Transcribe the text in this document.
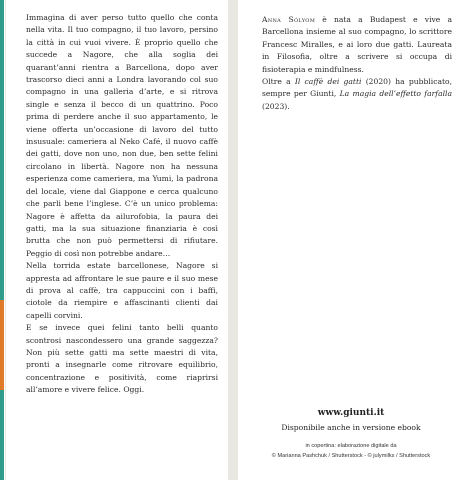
Immagina di aver perso tutto quello che conta nella vita. Il tuo compagno, il tuo lavoro, persino la città in cui vuoi vivere. È proprio quello che succede a Nagore, che alla soglia dei quarant’anni rientra a Barcellona, dopo aver trascorso dieci anni a Londra lavorando col suo compagno in una galleria d’arte, e si ritrova single e senza il becco di un quattrino. Poco prima di perdere anche il suo appartamento, le viene offerta un’occasione di lavoro del tutto insusuale: cameriera al Neko Café, il nuovo caffè dei gatti, dove non uno, non due, ben sette felini circolano in libertà. Nagore non ha nessuna esperienza come cameriera, ma Yumi, la padrona del locale, viene dal Giappone e cerca qualcuno che parli bene l’inglese. C’è un unico problema: Nagore è affetta da ailurofobia, la paura dei gatti, ma la sua situazione finanziaria è così brutta che non può permettersi di rifiutare. Peggio di così non potrebbe andare…

Nella torrida estate barcellonese, Nagore si appresta ad affrontare le sue paure e il suo mese di prova al caffè, tra cappuccini con i baffi, ciotole da riempire e affascinanti clienti dai capelli corvini.

E se invece quei felini tanto belli quanto scontrosi nascondessero una grande saggezza? Non più sette gatti ma sette maestri di vita, pronti a insegnarle come ritrovare equilibrio, concentrazione e positività, come riaprirsi all’amore e vivere felice. Oggi.

Anna Sólyom è nata a Budapest e vive a Barcellona insieme al suo compagno, lo scrittore Francesc Miralles, e ai loro due gatti. Laureata in Filosofia, oltre a scrivere si occupa di fisioterapia e mindfulness.

Oltre a Il caffè dei gatti (2020) ha pubblicato, sempre per Giunti, La magia dell’effetto farfalla (2023).

www.giunti.it
Disponibile anche in versione ebook
in copertina: elaborazione digitale da
© Marianna Pashchuk / Shutterstock - © julymilks / Shutterstock
